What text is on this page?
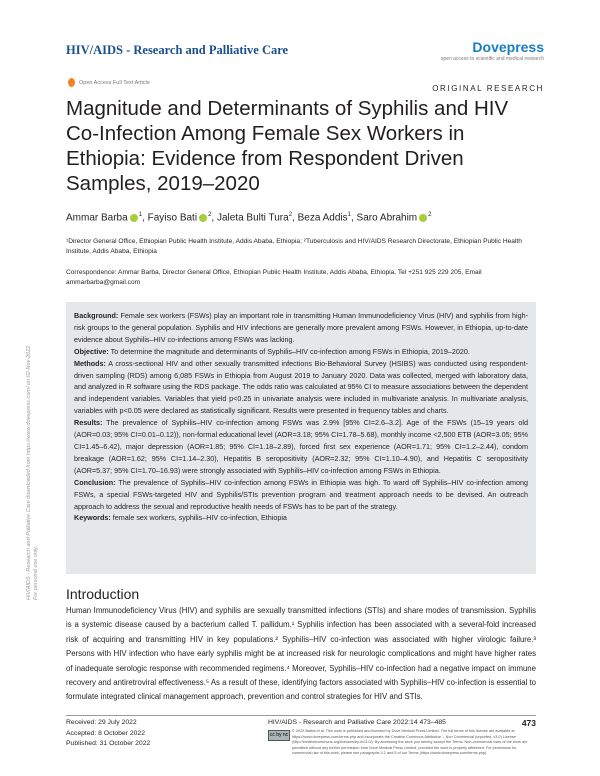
HIV/AIDS - Research and Palliative Care	Dovepress
open access to scientific and medical research
Open Access Full Text Article
ORIGINAL RESEARCH
Magnitude and Determinants of Syphilis and HIV Co-Infection Among Female Sex Workers in Ethiopia: Evidence from Respondent Driven Samples, 2019–2020
Ammar Barba $^1$, Fayiso Bati $^2$, Jaleta Bulti Tura$^2$, Beza Addis$^1$, Saro Abrahim $^2$
¹Director General Office, Ethiopian Public Health Institute, Addis Ababa, Ethiopia; ²Tuberculosis and HIV/AIDS Research Directorate, Ethiopian Public Health Institute, Addis Ababa, Ethiopia
Correspondence: Ammar Barba, Director General Office, Ethiopian Public Health Institute, Addis Ababa, Ethiopia, Tel +251 925 229 205, Email ammarbarba@gmail.com
HIV/AIDS - Research and Palliative Care downloaded from https://www.dovepress.com/ on 02-Nov-2022 For personal use only.

Background: Female sex workers (FSWs) play an important role in transmitting Human Immunodeficiency Virus (HIV) and syphilis from high-risk groups to the general population. Syphilis and HIV infections are generally more prevalent among FSWs. However, in Ethiopia, up-to-date evidence about Syphilis–HIV co-infections among FSWs was lacking.

Objective: To determine the magnitude and determinants of Syphilis–HIV co-infection among FSWs in Ethiopia, 2019–2020.

Methods: A cross-sectional HIV and other sexually transmitted infections Bio-Behavioral Survey (HSIBS) was conducted using respondent-driven sampling (RDS) among 6,085 FSWs in Ethiopia from August 2019 to January 2020. Data was collected, merged with laboratory data, and analyzed in R software using the RDS package. The odds ratio was calculated at 95% CI to measure associations between the dependent and independent variables. Variables that yield p<0.25 in univariate analysis were included in multivariate analysis. In multivariate analysis, variables with p<0.05 were declared as statistically significant. Results were presented in frequency tables and charts.

Results: The prevalence of Syphilis–HIV co-infection among FSWs was 2.9% [95% CI=2.6–3.2]. Age of the FSWs (15–19 years old (AOR=0.03; 95% CI=0.01–0.12)), non-formal educational level (AOR=3.18; 95% CI=1.78–5.68), monthly income <2,500 ETB (AOR=3.05; 95% CI=1.45–6.42), major depression (AOR=1.85; 95% CI=1.18–2.89), forced first sex experience (AOR=1.71; 95% CI=1.2–2.44), condom breakage (AOR=1.62; 95% CI=1.14–2.30), Hepatitis B seropositivity (AOR=2.32; 95% CI=1.10–4.90), and Hepatitis C seropositivity (AOR=5.37; 95% CI=1.70–16.93) were strongly associated with Syphilis–HIV co-infection among FSWs in Ethiopia.

Conclusion: The prevalence of Syphilis–HIV co-infection among FSWs in Ethiopia was high. To ward off Syphilis–HIV co-infection among FSWs, a special FSWs-targeted HIV and Syphilis/STIs prevention program and treatment approach needs to be devised. An outreach approach to address the sexual and reproductive health needs of FSWs has to be part of the strategy.

Keywords: female sex workers, syphilis–HIV co-infection, Ethiopia

Introduction

Human Immunodeficiency Virus (HIV) and syphilis are sexually transmitted infections (STIs) and share modes of transmission. Syphilis is a systemic disease caused by a bacterium called T. pallidum.¹ Syphilis infection has been associated with a several-fold increased risk of acquiring and transmitting HIV in key populations.² Syphilis–HIV co-infection was associated with higher virologic failure.³ Persons with HIV infection who have early syphilis might be at increased risk for neurologic complications and might have higher rates of inadequate serologic response with recommended regimens.⁴ Moreover, Syphilis–HIV co-infection had a negative impact on immune recovery and antiretroviral effectiveness.⁵ As a result of these, identifying factors associated with Syphilis–HIV co-infection is essential to formulate integrated clinical management approach, prevention and control strategies for HIV and STIs.

Received: 29 July 2022
Accepted: 8 October 2022
Published: 31 October 2022
HIV/AIDS - Research and Palliative Care 2022:14 473–485	473
cc by nc
© 2022 Barba et al. This work is published and licensed by Dove Medical Press Limited. The full terms of this license are available at https://www.dovepress.com/terms.php and incorporate the Creative Commons Attribution – Non Commercial (unported, v3.0) License (http://creativecommons.org/licenses/by-nc/3.0/). By accessing the work you hereby accept the Terms. Non-commercial uses of the work are permitted without any further permission from Dove Medical Press Limited, provided the work is properly attributed. For permission for commercial use of this work, please see paragraphs 4.2 and 5 of our Terms (https://www.dovepress.com/terms.php).
